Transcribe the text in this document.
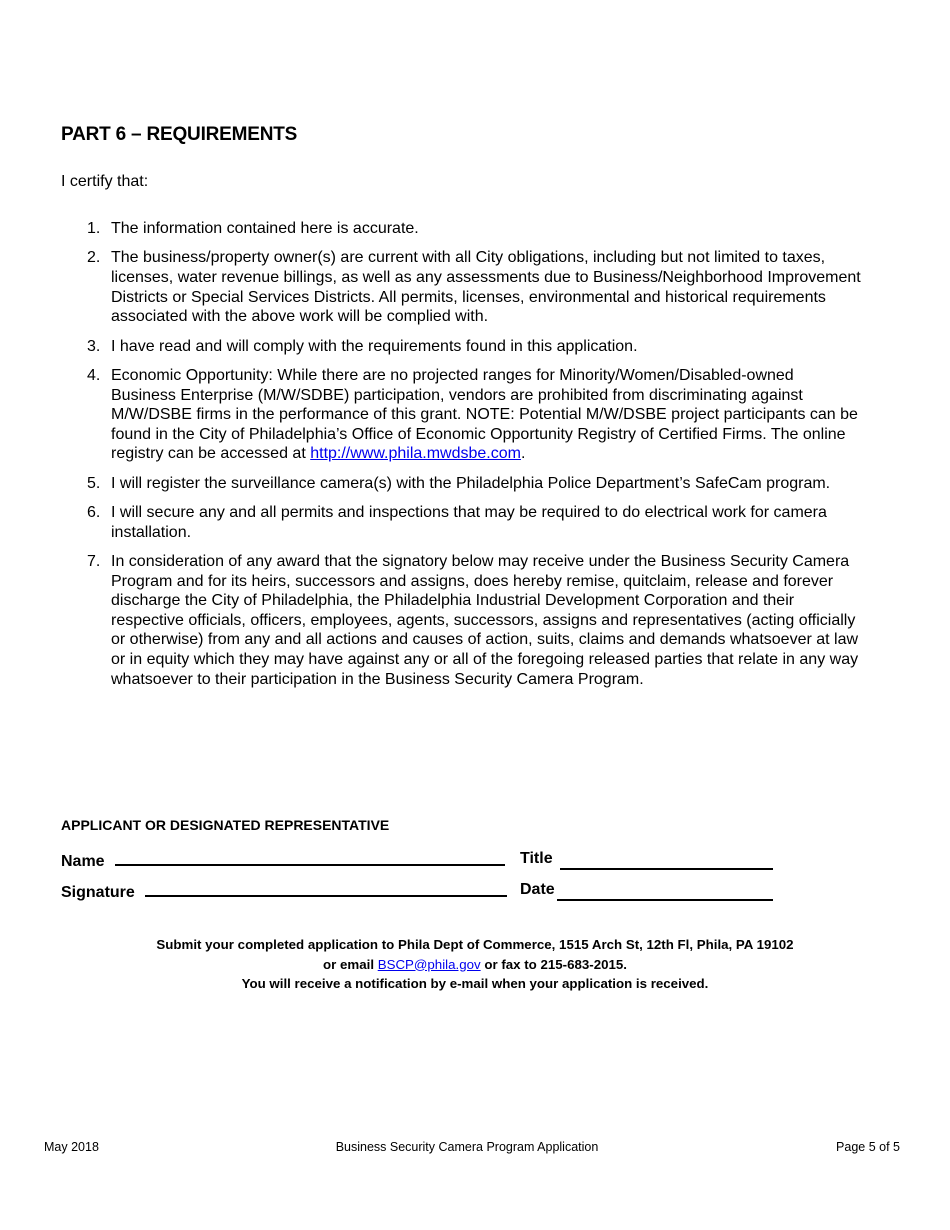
PART 6 – REQUIREMENTS
I certify that:
1. The information contained here is accurate.
2. The business/property owner(s) are current with all City obligations, including but not limited to taxes, licenses, water revenue billings, as well as any assessments due to Business/Neighborhood Improvement Districts or Special Services Districts. All permits, licenses, environmental and historical requirements associated with the above work will be complied with.
3. I have read and will comply with the requirements found in this application.
4. Economic Opportunity: While there are no projected ranges for Minority/Women/Disabled-owned Business Enterprise (M/W/SDBE) participation, vendors are prohibited from discriminating against M/W/DSBE firms in the performance of this grant. NOTE: Potential M/W/DSBE project participants can be found in the City of Philadelphia’s Office of Economic Opportunity Registry of Certified Firms. The online registry can be accessed at http://www.phila.mwdsbe.com.
5. I will register the surveillance camera(s) with the Philadelphia Police Department’s SafeCam program.
6. I will secure any and all permits and inspections that may be required to do electrical work for camera installation.
7. In consideration of any award that the signatory below may receive under the Business Security Camera Program and for its heirs, successors and assigns, does hereby remise, quitclaim, release and forever discharge the City of Philadelphia, the Philadelphia Industrial Development Corporation and their respective officials, officers, employees, agents, successors, assigns and representatives (acting officially or otherwise) from any and all actions and causes of action, suits, claims and demands whatsoever at law or in equity which they may have against any or all of the foregoing released parties that relate in any way whatsoever to their participation in the Business Security Camera Program.
APPLICANT OR DESIGNATED REPRESENTATIVE
Name	Title
Signature	Date
Submit your completed application to Phila Dept of Commerce, 1515 Arch St, 12th Fl, Phila, PA 19102
or email BSCP@phila.gov or fax to 215-683-2015.
You will receive a notification by e-mail when your application is received.
May 2018	Business Security Camera Program Application	Page 5 of 5
